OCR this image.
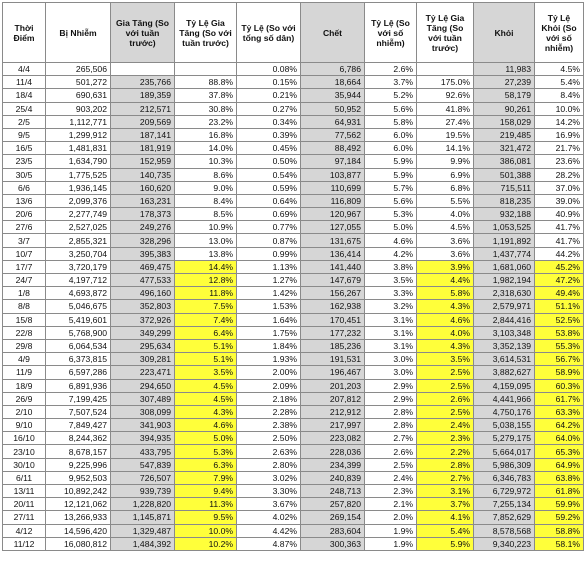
Thời Điểm	Bị Nhiễm	Gia Tăng (So với tuần trước)	Tỷ Lệ Gia Tăng (So với tuần trước)	Tỷ Lệ (So với tổng số dân)	Chết	Tỷ Lệ (So với số nhiễm)	Tỷ Lệ Gia Tăng (So với tuần trước)	Khỏi	Tỷ Lệ Khỏi (So với số nhiễm)
4/4	265,506			0.08%	6,786	2.6%		11,983	4.5%
11/4	501,272	235,766	88.8%	0.15%	18,664	3.7%	175.0%	27,239	5.4%
18/4	690,631	189,359	37.8%	0.21%	35,944	5.2%	92.6%	58,179	8.4%
25/4	903,202	212,571	30.8%	0.27%	50,952	5.6%	41.8%	90,261	10.0%
2/5	1,112,771	209,569	23.2%	0.34%	64,931	5.8%	27.4%	158,029	14.2%
9/5	1,299,912	187,141	16.8%	0.39%	77,562	6.0%	19.5%	219,485	16.9%
16/5	1,481,831	181,919	14.0%	0.45%	88,492	6.0%	14.1%	321,472	21.7%
23/5	1,634,790	152,959	10.3%	0.50%	97,184	5.9%	9.9%	386,081	23.6%
30/5	1,775,525	140,735	8.6%	0.54%	103,877	5.9%	6.9%	501,388	28.2%
6/6	1,936,145	160,620	9.0%	0.59%	110,699	5.7%	6.8%	715,511	37.0%
13/6	2,099,376	163,231	8.4%	0.64%	116,809	5.6%	5.5%	818,235	39.0%
20/6	2,277,749	178,373	8.5%	0.69%	120,967	5.3%	4.0%	932,188	40.9%
27/6	2,527,025	249,276	10.9%	0.77%	127,055	5.0%	4.5%	1,053,525	41.7%
3/7	2,855,321	328,296	13.0%	0.87%	131,675	4.6%	3.6%	1,191,892	41.7%
10/7	3,250,704	395,383	13.8%	0.99%	136,414	4.2%	3.6%	1,437,774	44.2%
17/7	3,720,179	469,475	14.4%	1.13%	141,440	3.8%	3.9%	1,681,060	45.2%
24/7	4,197,712	477,533	12.8%	1.27%	147,679	3.5%	4.4%	1,982,194	47.2%
1/8	4,693,872	496,160	11.8%	1.42%	156,267	3.3%	5.8%	2,318,630	49.4%
8/8	5,046,675	352,803	7.5%	1.53%	162,938	3.2%	4.3%	2,579,971	51.1%
15/8	5,419,601	372,926	7.4%	1.64%	170,451	3.1%	4.6%	2,844,416	52.5%
22/8	5,768,900	349,299	6.4%	1.75%	177,232	3.1%	4.0%	3,103,348	53.8%
29/8	6,064,534	295,634	5.1%	1.84%	185,236	3.1%	4.3%	3,352,139	55.3%
4/9	6,373,815	309,281	5.1%	1.93%	191,531	3.0%	3.5%	3,614,531	56.7%
11/9	6,597,286	223,471	3.5%	2.00%	196,467	3.0%	2.5%	3,882,627	58.9%
18/9	6,891,936	294,650	4.5%	2.09%	201,203	2.9%	2.5%	4,159,095	60.3%
26/9	7,199,425	307,489	4.5%	2.18%	207,812	2.9%	2.6%	4,441,966	61.7%
2/10	7,507,524	308,099	4.3%	2.28%	212,912	2.8%	2.5%	4,750,176	63.3%
9/10	7,849,427	341,903	4.6%	2.38%	217,997	2.8%	2.4%	5,038,155	64.2%
16/10	8,244,362	394,935	5.0%	2.50%	223,082	2.7%	2.3%	5,279,175	64.0%
23/10	8,678,157	433,795	5.3%	2.63%	228,036	2.6%	2.2%	5,664,017	65.3%
30/10	9,225,996	547,839	6.3%	2.80%	234,399	2.5%	2.8%	5,986,309	64.9%
6/11	9,952,503	726,507	7.9%	3.02%	240,839	2.4%	2.7%	6,346,783	63.8%
13/11	10,892,242	939,739	9.4%	3.30%	248,713	2.3%	3.1%	6,729,972	61.8%
20/11	12,121,062	1,228,820	11.3%	3.67%	257,820	2.1%	3.7%	7,255,134	59.9%
27/11	13,266,933	1,145,871	9.5%	4.02%	269,154	2.0%	4.1%	7,852,629	59.2%
4/12	14,596,420	1,329,487	10.0%	4.42%	283,604	1.9%	5.4%	8,578,568	58.8%
11/12	16,080,812	1,484,392	10.2%	4.87%	300,363	1.9%	5.9%	9,340,223	58.1%
